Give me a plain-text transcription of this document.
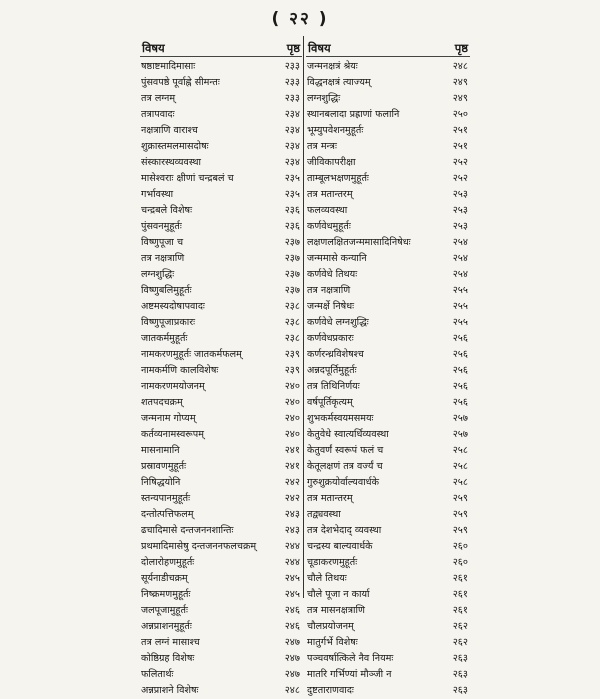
( २२ )
विषय	पृष्ठ
षष्ठाष्टमादिमासाः	२३३
पुंसवपष्ठे पूर्वाह्ने सीमन्तः	२३३
तत्र लग्नम्	२३३
तत्रापवादः	२३४
नक्षत्राणि वाराश्च	२३४
शुक्रास्तमलमासदोषः	२३४
संस्कारस्थव्यवस्था	२३४
मासेश्वराः क्षीणां चन्द्रबलं च	२३५
गर्भावस्था	२३५
चन्द्रबले विशेषः	२३६
पुंसवनमुहूर्तः	२३६
विष्णुपूजा च	२३७
तत्र नक्षत्राणि	२३७
लग्नशुद्धिः	२३७
विष्णुबलिमुहूर्तः	२३७
अष्टमस्यदोषापवादः	२३८
विष्णुपूजाप्रकारः	२३८
जातकर्ममुहूर्तः	२३८
नामकरणमुहूर्तः जातकर्मफलम्	२३९
नामकर्मणि कालविशेषः	२३९
नामकरणमयोजनम्	२४०
शतपदचक्रम्	२४०
जन्मनाम गोप्यम्	२४०
कर्तव्यनामस्वरूपम्	२४०
मासनामानि	२४१
प्रस्रावणमुहूर्तः	२४१
निषिद्धयोनि	२४२
स्तन्यपानमुहूर्तः	२४२
दन्तोत्पत्तिफलम्	२४३
ढचादिमासे दन्तजननशान्तिः	२४३
प्रथमादिमासेषु दन्तजननफलचक्रम्	२४४
दोलारोहणमुहूर्तः	२४४
सूर्यनाडीचक्रम्	२४५
निष्क्रमणमुहूर्तः	२४५
जलपूजामुहूर्तः	२४६
अन्नप्राशनमुहूर्तः	२४६
तत्र लग्नं मासाश्च	२४७
कोष्ठिग्रह विशेषः	२४७
फलितार्थः	२४७
अन्नप्राशने विशेषः	२४८
विषय	पृष्ठ
जन्मनक्षत्रं श्रेयः	२४८
विद्धनक्षत्रं त्याज्यम्	२४९
लग्नशुद्धिः	२४९
स्थानबलादा प्रह्राणां फलानि	२५०
भूम्युपवेशनमुहूर्तः	२५१
तत्र मन्त्रः	२५१
जीविकापरीक्षा	२५२
ताम्बूलभक्षणमुहूर्तः	२५२
तत्र मतान्तरम्	२५३
फलव्यवस्था	२५३
कर्णवेधमुहूर्तः	२५३
लक्षणलक्षितजन्ममासादिनिषेधः	२५४
जन्ममासे कन्यानि	२५४
कर्णवेधे तिथयः	२५४
तत्र नक्षत्राणि	२५५
जन्मर्क्षे निषेधः	२५५
कर्णवेधे लग्नशुद्धिः	२५५
कर्णवेधप्रकारः	२५६
कर्णरन्ध्रविशेषश्च	२५६
अन्नदपूर्तिमुहूर्तः	२५६
तत्र तिथिनिर्णयः	२५६
वर्षपूर्तिकृत्यम्	२५६
शुभकर्मस्वयमसमयः	२५७
केतुवेधे स्वात्यर्धिव्यवस्था	२५७
केतुवर्णं स्वरूपं फलं च	२५८
केतूलक्षणं तत्र वर्ज्यं च	२५८
गुरुशुक्रयोर्वाल्यवार्धके	२५८
तत्र मतान्तरम्	२५९
तद्व्यवस्था	२५९
तत्र देशभेदाद् व्यवस्था	२५९
चन्द्रस्य बाल्यवार्धके	२६०
चूडाकरणमुहूर्तः	२६०
चौले तिथयः	२६१
चौले पूजा न कार्या	२६१
तत्र मासनक्षत्राणि	२६१
चौलप्रयोजनम्	२६२
मातुर्गर्भे विशेषः	२६२
पञ्चवर्षात्किले नैव नियमः	२६३
मातरि गर्भिण्यां मौञ्जी न	२६३
दुष्टताराणवादः	२६३
